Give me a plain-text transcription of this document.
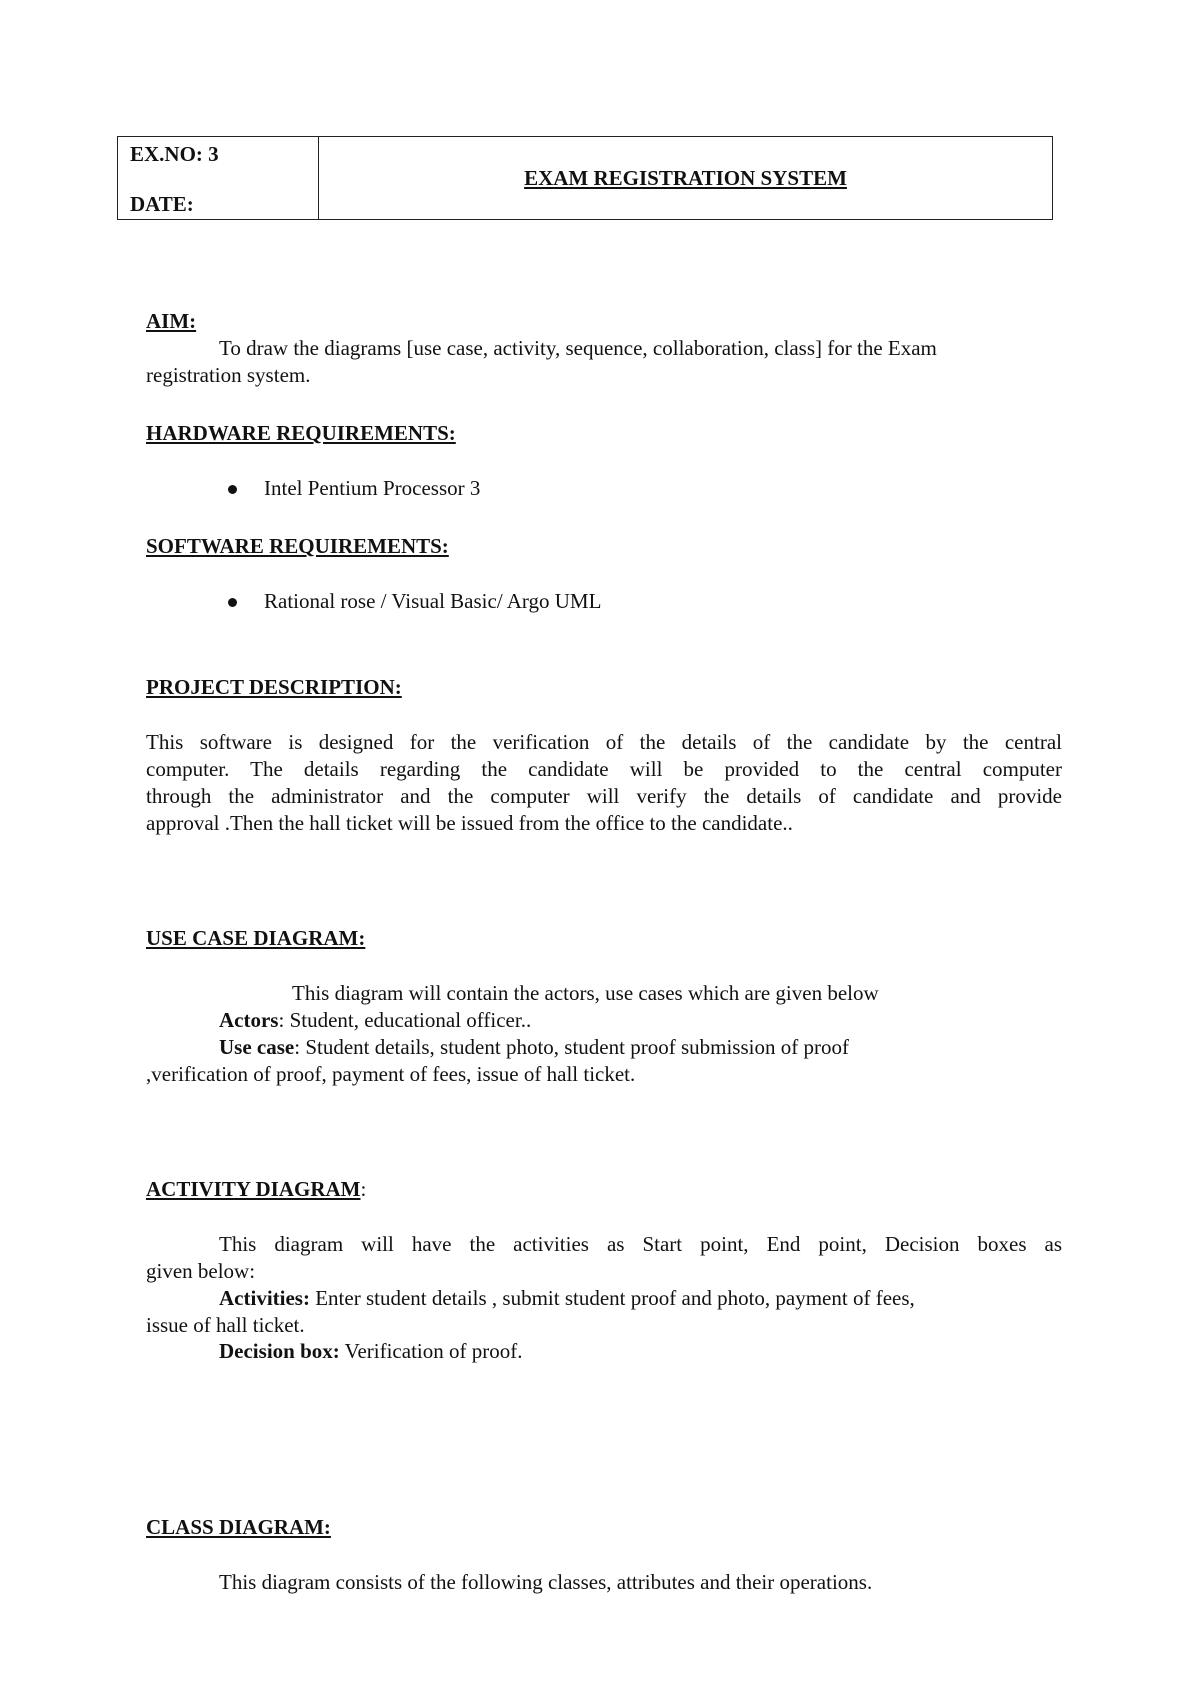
EX.NO: 3
DATE:

EXAM REGISTRATION SYSTEM
AIM:
To draw the diagrams [use case, activity, sequence, collaboration, class] for the Exam
registration system.
HARDWARE REQUIREMENTS:
Intel Pentium Processor 3
SOFTWARE REQUIREMENTS:
Rational rose / Visual Basic/ Argo UML
PROJECT DESCRIPTION:
This software is designed for the verification of the details of the candidate by the central
computer. The details regarding the candidate will be provided to the central computer
through the administrator and the computer will verify the details of candidate and provide
approval .Then the hall ticket will be issued from the office to the candidate..
USE CASE DIAGRAM:
This diagram will contain the actors, use cases which are given below
Actors: Student, educational officer..
Use case: Student details, student photo, student proof submission of proof
,verification of proof, payment of fees, issue of hall ticket.
ACTIVITY DIAGRAM:
This diagram will have the activities as Start point, End point, Decision boxes as
given below:
Activities: Enter student details , submit student proof and photo, payment of fees,
issue of hall ticket.
Decision box: Verification of proof.
CLASS DIAGRAM:
This diagram consists of the following classes, attributes and their operations.
